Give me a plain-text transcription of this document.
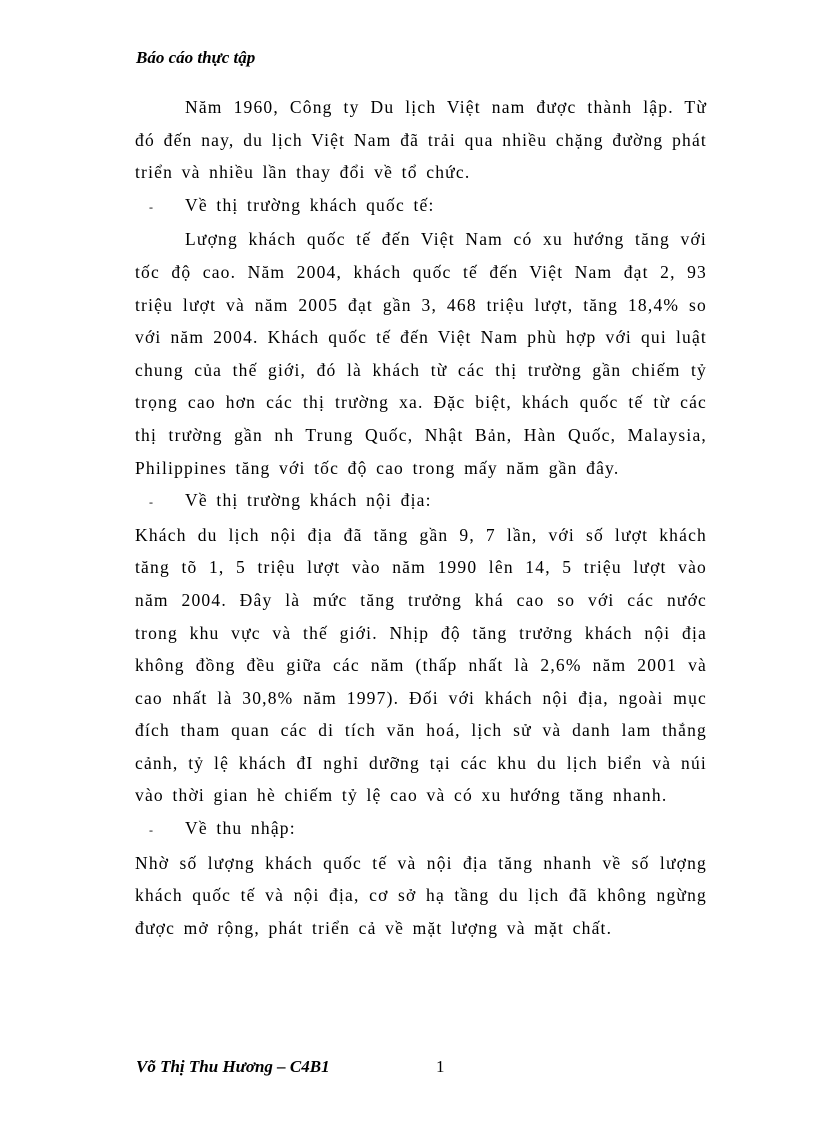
Báo cáo thực tập

Năm 1960, Công ty Du lịch Việt nam được thành lập. Từ đó đến nay, du lịch Việt Nam đã trải qua nhiều chặng đường phát triển và nhiều lần thay đổi về tổ chức.

- Về thị trường khách quốc tế:

Lượng khách quốc tế đến Việt Nam có xu hướng tăng với tốc độ cao. Năm 2004, khách quốc tế đến Việt Nam đạt 2, 93 triệu lượt và năm 2005 đạt gần 3, 468 triệu lượt, tăng 18,4% so với năm 2004. Khách quốc tế đến Việt Nam phù hợp với qui luật chung của thế giới, đó là khách từ các thị trường gần chiếm tỷ trọng cao hơn các thị trường xa. Đặc biệt, khách quốc tế từ các thị trường gần nh Trung Quốc, Nhật Bản, Hàn Quốc, Malaysia, Philippines tăng với tốc độ cao trong mấy năm gần đây.

- Về thị trường khách nội địa:

Khách du lịch nội địa đã tăng gần 9, 7 lần, với số lượt khách tăng tõ 1, 5 triệu lượt vào năm 1990 lên 14, 5 triệu lượt vào năm 2004. Đây là mức tăng trưởng khá cao so với các nước trong khu vực và thế giới. Nhịp độ tăng trưởng khách nội địa không đồng đều giữa các năm (thấp nhất là 2,6% năm 2001 và cao nhất là 30,8% năm 1997). Đối với khách nội địa, ngoài mục đích tham quan các di tích văn hoá, lịch sử và danh lam thắng cảnh, tỷ lệ khách đI nghỉ dưỡng tại các khu du lịch biển và núi vào thời gian hè chiếm tỷ lệ cao và có xu hướng tăng nhanh.

- Về thu nhập:

Nhờ số lượng khách quốc tế và nội địa tăng nhanh về số lượng khách quốc tế và nội địa, cơ sở hạ tầng du lịch đã không ngừng được mở rộng, phát triển cả về mặt lượng và mặt chất.

Võ Thị Thu Hương – C4B1	1
